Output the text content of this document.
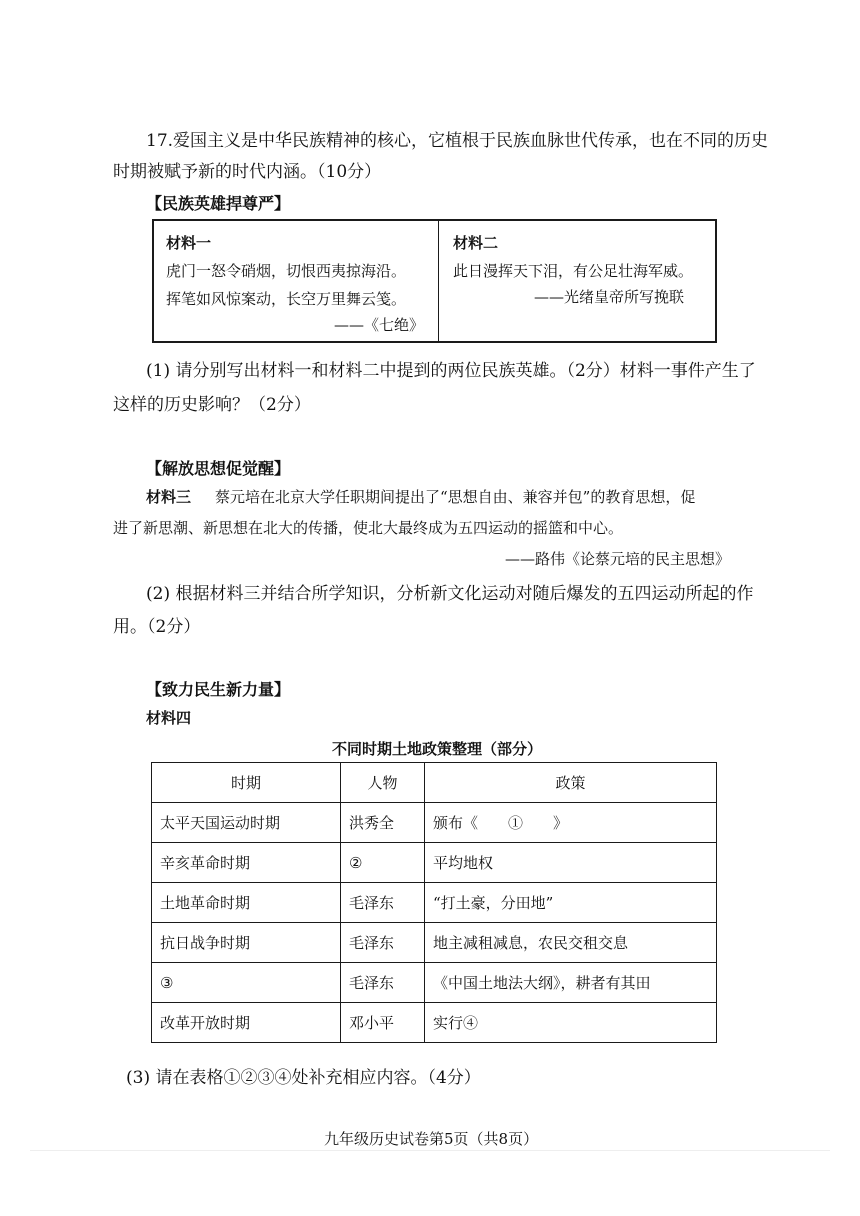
17.爱国主义是中华民族精神的核心，它植根于民族血脉世代传承，也在不同的历史
时期被赋予新的时代内涵。（10分）
【民族英雄捍尊严】
材料一
虎门一怒令硝烟，切恨西夷掠海沿。
挥笔如风惊案动，长空万里舞云笺。
——《七绝》
材料二
此日漫挥天下泪，有公足壮海军威。
——光绪皇帝所写挽联
(1) 请分别写出材料一和材料二中提到的两位民族英雄。（2分）材料一事件产生了
这样的历史影响？（2分）
【解放思想促觉醒】
材料三 蔡元培在北京大学任职期间提出了“思想自由、兼容并包”的教育思想，促
进了新思潮、新思想在北大的传播，使北大最终成为五四运动的摇篮和中心。
——路伟《论蔡元培的民主思想》
(2) 根据材料三并结合所学知识，分析新文化运动对随后爆发的五四运动所起的作
用。（2分）
【致力民生新力量】
材料四
不同时期土地政策整理（部分）
时期	人物	政策
太平天国运动时期	洪秀全	颁布《　　①　　》
辛亥革命时期	②	平均地权
土地革命时期	毛泽东	“打土豪，分田地”
抗日战争时期	毛泽东	地主减租减息，农民交租交息
③	毛泽东	《中国土地法大纲》，耕者有其田
改革开放时期	邓小平	实行④
(3) 请在表格①②③④处补充相应内容。（4分）
九年级历史试卷第5页（共8页）
